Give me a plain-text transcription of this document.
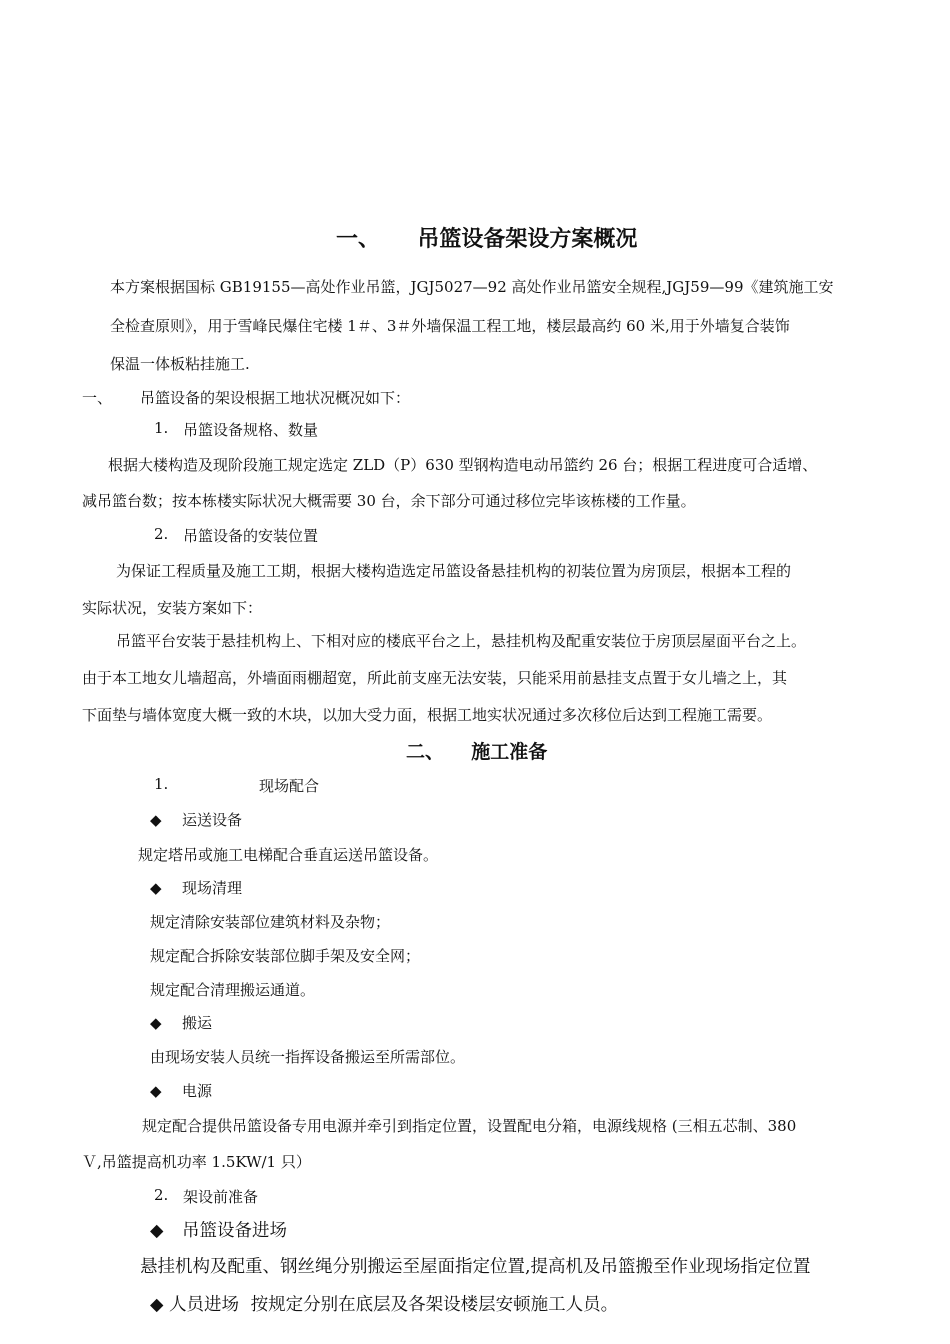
一、 吊篮设备架设方案概况
本方案根据国标 GB19155—高处作业吊篮，JGJ5027—92 高处作业吊篮安全规程,JGJ59—99《建筑施工安
全检查原则》，用于雪峰民爆住宅楼 1＃、3＃外墙保温工程工地，楼层最高约 60 米,用于外墙复合装饰
保温一体板粘挂施工.
一、 吊篮设备的架设根据工地状况概况如下：
1. 吊篮设备规格、数量
根据大楼构造及现阶段施工规定选定 ZLD（P）630 型钢构造电动吊篮约 26 台；根据工程进度可合适增、
减吊篮台数；按本栋楼实际状况大概需要 30 台，余下部分可通过移位完毕该栋楼的工作量。
2. 吊篮设备的安装位置
为保证工程质量及施工工期，根据大楼构造选定吊篮设备悬挂机构的初装位置为房顶层，根据本工程的
实际状况，安装方案如下：
吊篮平台安装于悬挂机构上、下相对应的楼底平台之上，悬挂机构及配重安装位于房顶层屋面平台之上。
由于本工地女儿墙超高，外墙面雨棚超宽，所此前支座无法安装，只能采用前悬挂支点置于女儿墙之上，其
下面垫与墙体宽度大概一致的木块，以加大受力面，根据工地实状况通过多次移位后达到工程施工需要。
二、 施工准备
1.	现场配合
◆ 运送设备
规定塔吊或施工电梯配合垂直运送吊篮设备。
◆ 现场清理
规定清除安装部位建筑材料及杂物；
规定配合拆除安装部位脚手架及安全网；
规定配合清理搬运通道。
◆ 搬运
由现场安装人员统一指挥设备搬运至所需部位。
◆ 电源
规定配合提供吊篮设备专用电源并牵引到指定位置，设置配电分箱，电源线规格 (三相五芯制、380
Ｖ,吊篮提高机功率 1.5KW/1 只）
2. 架设前准备
◆ 吊篮设备进场
悬挂机构及配重、钢丝绳分别搬运至屋面指定位置,提高机及吊篮搬至作业现场指定位置
◆ 人员进场 按规定分别在底层及各架设楼层安顿施工人员。
